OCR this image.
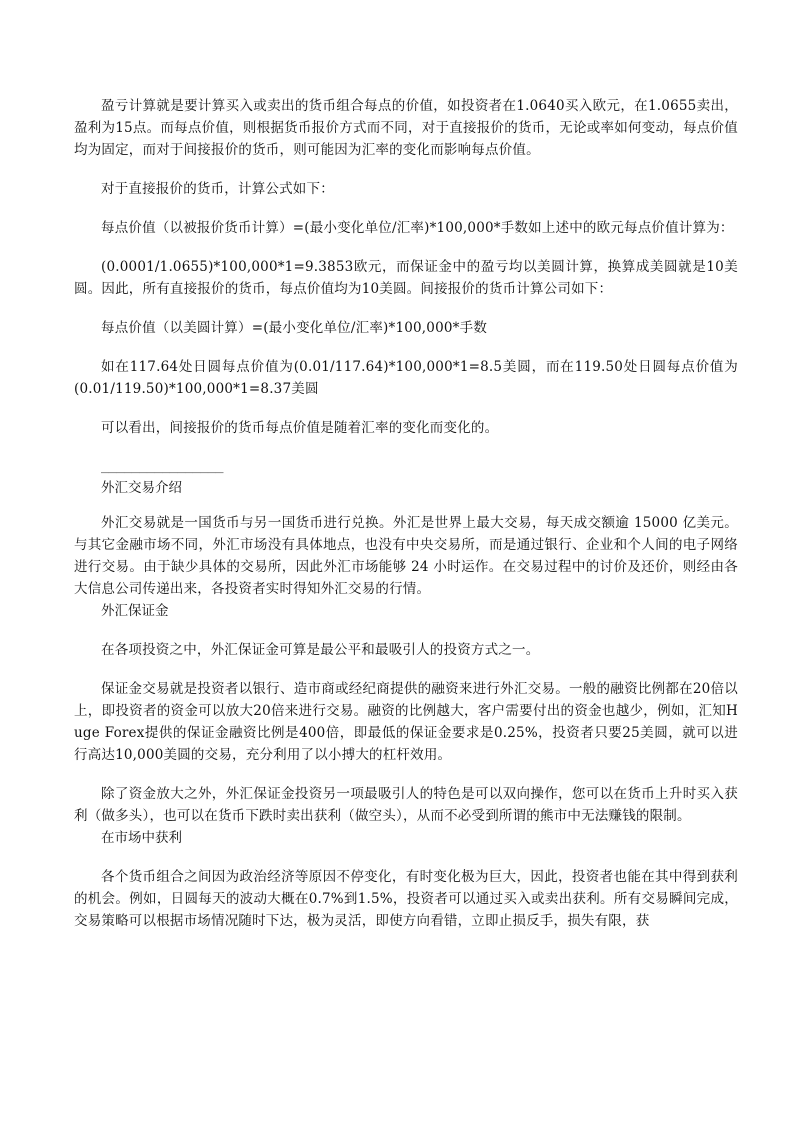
盈亏计算就是要计算买入或卖出的货币组合每点的价值，如投资者在1.0640买入欧元，在1.0655卖出，盈利为15点。而每点价值，则根据货币报价方式而不同，对于直接报价的货币，无论或率如何变动，每点价值均为固定，而对于间接报价的货币，则可能因为汇率的变化而影响每点价值。

对于直接报价的货币，计算公式如下：

每点价值（以被报价货币计算）=(最小变化单位/汇率)*100,000*手数如上述中的欧元每点价值计算为：

(0.0001/1.0655)*100,000*1=9.3853欧元，而保证金中的盈亏均以美圆计算，换算成美圆就是10美圆。因此，所有直接报价的货币，每点价值均为10美圆。间接报价的货币计算公司如下：

每点价值（以美圆计算）=(最小变化单位/汇率)*100,000*手数

如在117.64处日圆每点价值为(0.01/117.64)*100,000*1=8.5美圆，而在119.50处日圆每点价值为(0.01/119.50)*100,000*1=8.37美圆

可以看出，间接报价的货币每点价值是随着汇率的变化而变化的。

________________

外汇交易介绍

外汇交易就是一国货币与另一国货币进行兑换。外汇是世界上最大交易，每天成交额逾 15000 亿美元。与其它金融市场不同，外汇市场没有具体地点，也没有中央交易所，而是通过银行、企业和个人间的电子网络进行交易。由于缺少具体的交易所，因此外汇市场能够 24 小时运作。在交易过程中的讨价及还价，则经由各大信息公司传递出来，各投资者实时得知外汇交易的行情。

外汇保证金

在各项投资之中，外汇保证金可算是最公平和最吸引人的投资方式之一。

保证金交易就是投资者以银行、造市商或经纪商提供的融资来进行外汇交易。一般的融资比例都在20倍以上，即投资者的资金可以放大20倍来进行交易。融资的比例越大，客户需要付出的资金也越少，例如，汇知Huge Forex提供的保证金融资比例是400倍，即最低的保证金要求是0.25%，投资者只要25美圆，就可以进行高达10,000美圆的交易，充分利用了以小搏大的杠杆效用。

除了资金放大之外，外汇保证金投资另一项最吸引人的特色是可以双向操作，您可以在货币上升时买入获利（做多头），也可以在货币下跌时卖出获利（做空头），从而不必受到所谓的熊市中无法赚钱的限制。

在市场中获利

各个货币组合之间因为政治经济等原因不停变化，有时变化极为巨大，因此，投资者也能在其中得到获利的机会。例如，日圆每天的波动大概在0.7%到1.5%，投资者可以通过买入或卖出获利。所有交易瞬间完成，交易策略可以根据市场情况随时下达，极为灵活，即使方向看错，立即止损反手，损失有限，获
